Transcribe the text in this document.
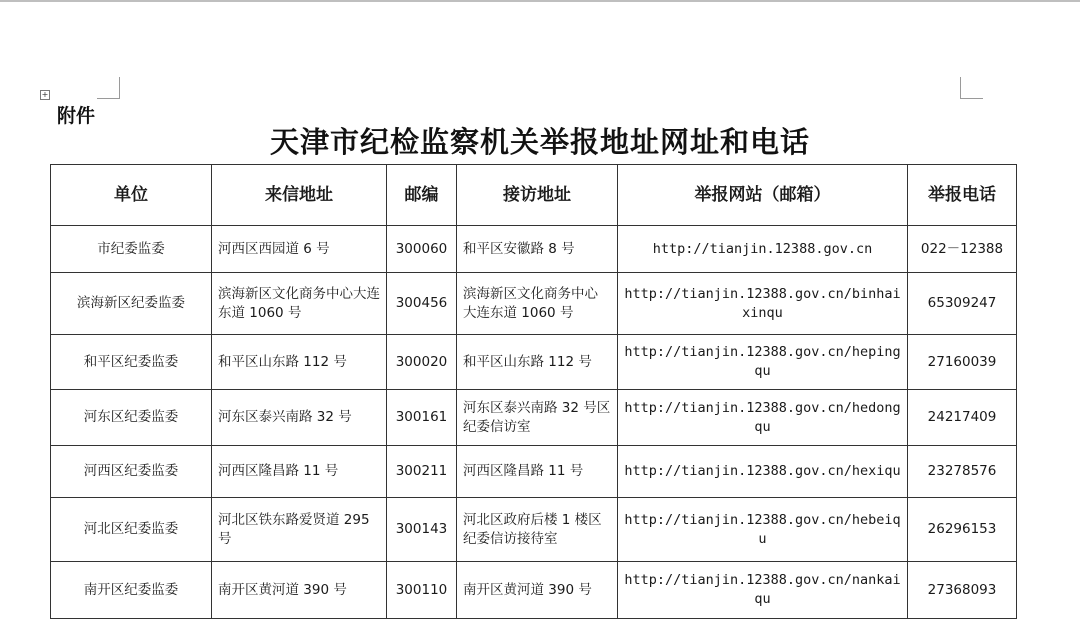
+
附件
天津市纪检监察机关举报地址网址和电话
单位	来信地址	邮编	接访地址	举报网站（邮箱）	举报电话
市纪委监委	河西区西园道 6 号	300060	和平区安徽路 8 号	http://tianjin.12388.gov.cn	022－12388
滨海新区纪委监委	滨海新区文化商务中心大连东道 1060 号	300456	滨海新区文化商务中心大连东道 1060 号	http://tianjin.12388.gov.cn/binhaixinqu	65309247
和平区纪委监委	和平区山东路 112 号	300020	和平区山东路 112 号	http://tianjin.12388.gov.cn/hepingqu	27160039
河东区纪委监委	河东区泰兴南路 32 号	300161	河东区泰兴南路 32 号区纪委信访室	http://tianjin.12388.gov.cn/hedongqu	24217409
河西区纪委监委	河西区隆昌路 11 号	300211	河西区隆昌路 11 号	http://tianjin.12388.gov.cn/hexiqu	23278576
河北区纪委监委	河北区铁东路爱贤道 295 号	300143	河北区政府后楼 1 楼区纪委信访接待室	http://tianjin.12388.gov.cn/hebeiqu	26296153
南开区纪委监委	南开区黄河道 390 号	300110	南开区黄河道 390 号	http://tianjin.12388.gov.cn/nankaiqu	27368093
